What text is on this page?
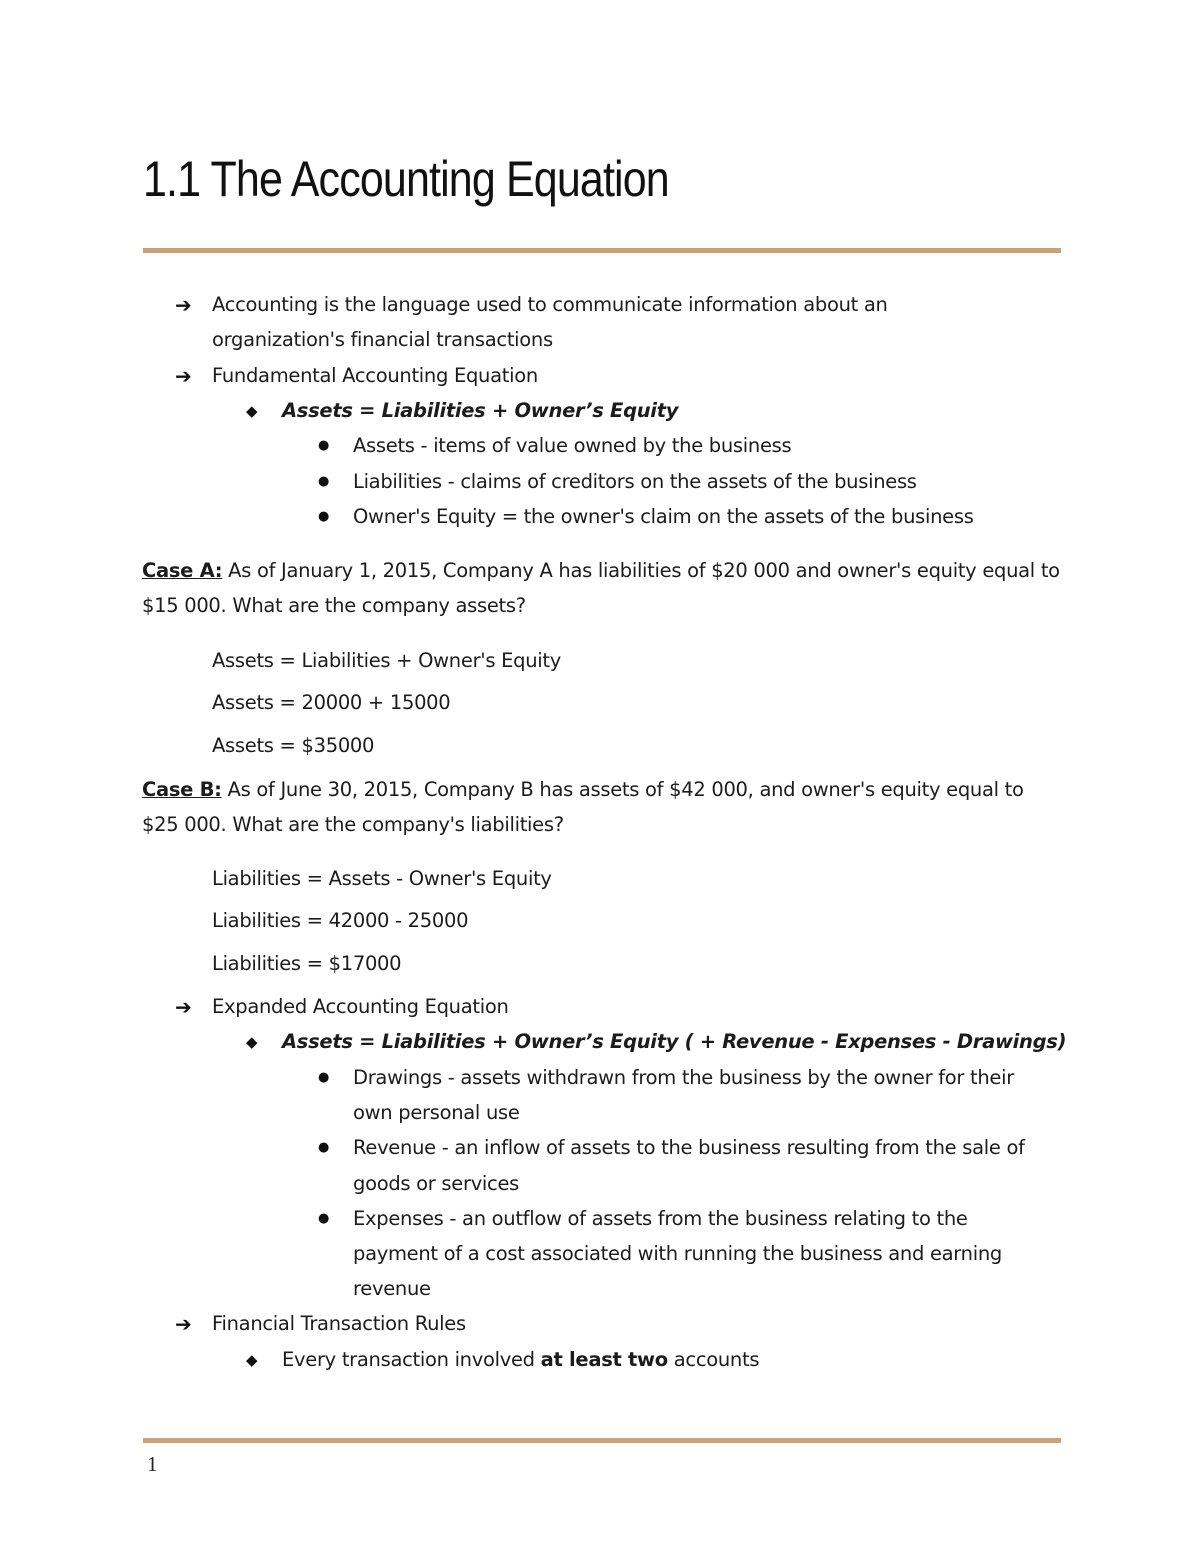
1.1 The Accounting Equation
➔ Accounting is the language used to communicate information about an
organization's financial transactions
➔ Fundamental Accounting Equation
◆ Assets = Liabilities + Owner’s Equity
● Assets - items of value owned by the business
● Liabilities - claims of creditors on the assets of the business
● Owner's Equity = the owner's claim on the assets of the business
Case A: As of January 1, 2015, Company A has liabilities of $20 000 and owner's equity equal to
$15 000. What are the company assets?
Assets = Liabilities + Owner's Equity
Assets = 20000 + 15000
Assets = $35000
Case B: As of June 30, 2015, Company B has assets of $42 000, and owner's equity equal to
$25 000. What are the company's liabilities?
Liabilities = Assets - Owner's Equity
Liabilities = 42000 - 25000
Liabilities = $17000
➔ Expanded Accounting Equation
◆ Assets = Liabilities + Owner’s Equity ( + Revenue - Expenses - Drawings)
● Drawings - assets withdrawn from the business by the owner for their
own personal use
● Revenue - an inflow of assets to the business resulting from the sale of
goods or services
● Expenses - an outflow of assets from the business relating to the
payment of a cost associated with running the business and earning
revenue
➔ Financial Transaction Rules
◆ Every transaction involved at least two accounts
1
